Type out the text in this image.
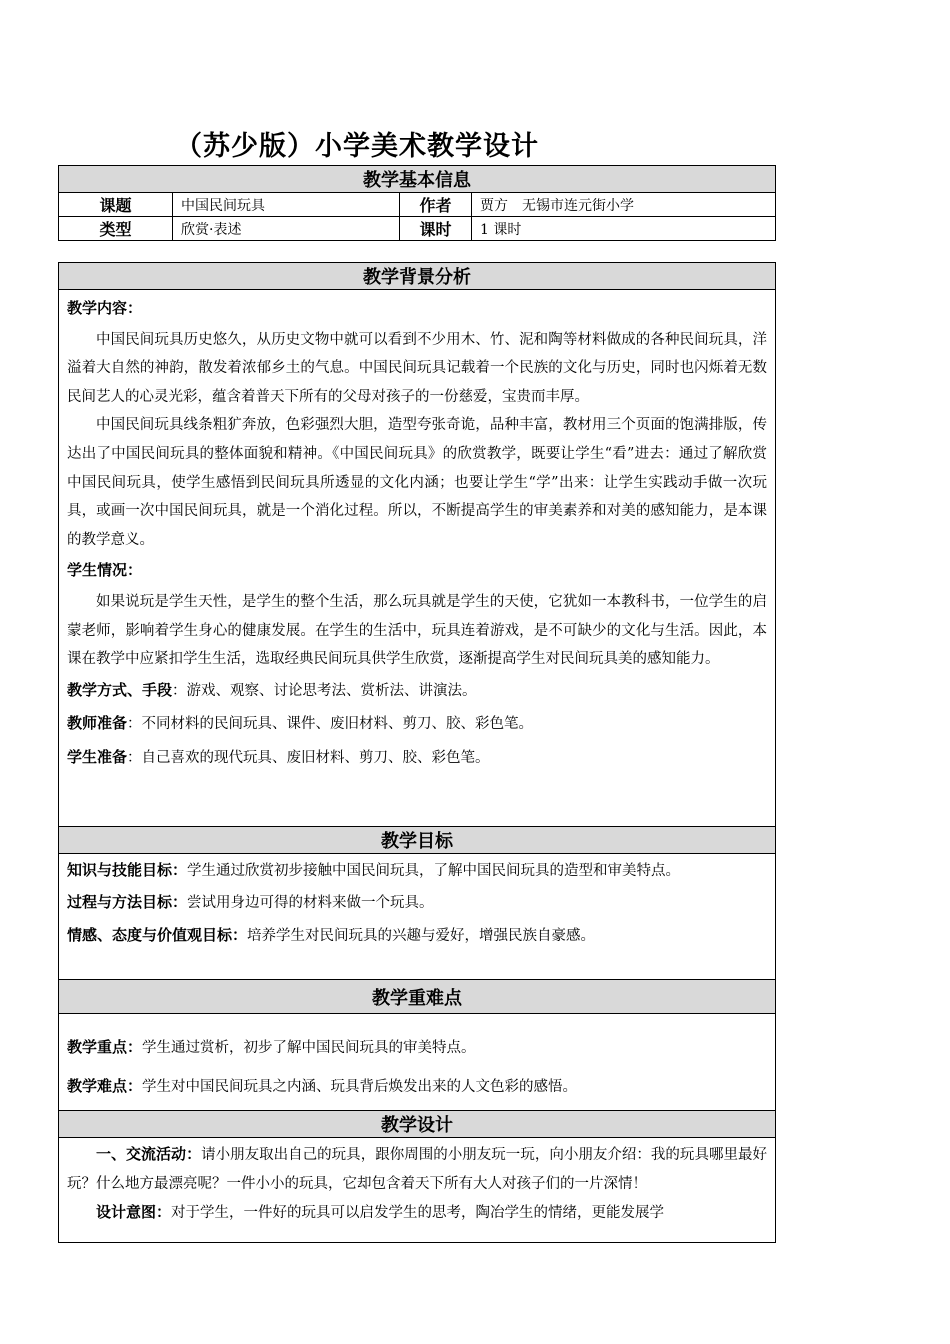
（苏少版）小学美术教学设计
教学基本信息			
课题	中国民间玩具	作者	贾方　无锡市连元街小学
类型	欣赏·表述	课时	1 课时
教学背景分析

教学内容：

中国民间玩具历史悠久，从历史文物中就可以看到不少用木、竹、泥和陶等材料做成的各种民间玩具，洋溢着大自然的神韵，散发着浓郁乡土的气息。中国民间玩具记载着一个民族的文化与历史，同时也闪烁着无数民间艺人的心灵光彩，蕴含着普天下所有的父母对孩子的一份慈爱，宝贵而丰厚。

中国民间玩具线条粗犷奔放，色彩强烈大胆，造型夸张奇诡，品种丰富，教材用三个页面的饱满排版，传达出了中国民间玩具的整体面貌和精神。《中国民间玩具》的欣赏教学，既要让学生“看”进去：通过了解欣赏中国民间玩具，使学生感悟到民间玩具所透显的文化内涵；也要让学生“学”出来：让学生实践动手做一次玩具，或画一次中国民间玩具，就是一个消化过程。所以，不断提高学生的审美素养和对美的感知能力，是本课的教学意义。

学生情况：

如果说玩是学生天性，是学生的整个生活，那么玩具就是学生的天使，它犹如一本教科书，一位学生的启蒙老师，影响着学生身心的健康发展。在学生的生活中，玩具连着游戏，是不可缺少的文化与生活。因此，本课在教学中应紧扣学生生活，选取经典民间玩具供学生欣赏，逐渐提高学生对民间玩具美的感知能力。

教学方式、手段：游戏、观察、讨论思考法、赏析法、讲演法。

教师准备：不同材料的民间玩具、课件、废旧材料、剪刀、胶、彩色笔。

学生准备：自己喜欢的现代玩具、废旧材料、剪刀、胶、彩色笔。

教学目标

知识与技能目标：学生通过欣赏初步接触中国民间玩具，了解中国民间玩具的造型和审美特点。

过程与方法目标：尝试用身边可得的材料来做一个玩具。

情感、态度与价值观目标：培养学生对民间玩具的兴趣与爱好，增强民族自豪感。

教学重难点

教学重点：学生通过赏析，初步了解中国民间玩具的审美特点。

教学难点：学生对中国民间玩具之内涵、玩具背后焕发出来的人文色彩的感悟。

教学设计

一、交流活动：请小朋友取出自己的玩具，跟你周围的小朋友玩一玩，向小朋友介绍：我的玩具哪里最好玩？什么地方最漂亮呢？一件小小的玩具，它却包含着天下所有大人对孩子们的一片深情！

设计意图：对于学生，一件好的玩具可以启发学生的思考，陶冶学生的情绪，更能发展学
